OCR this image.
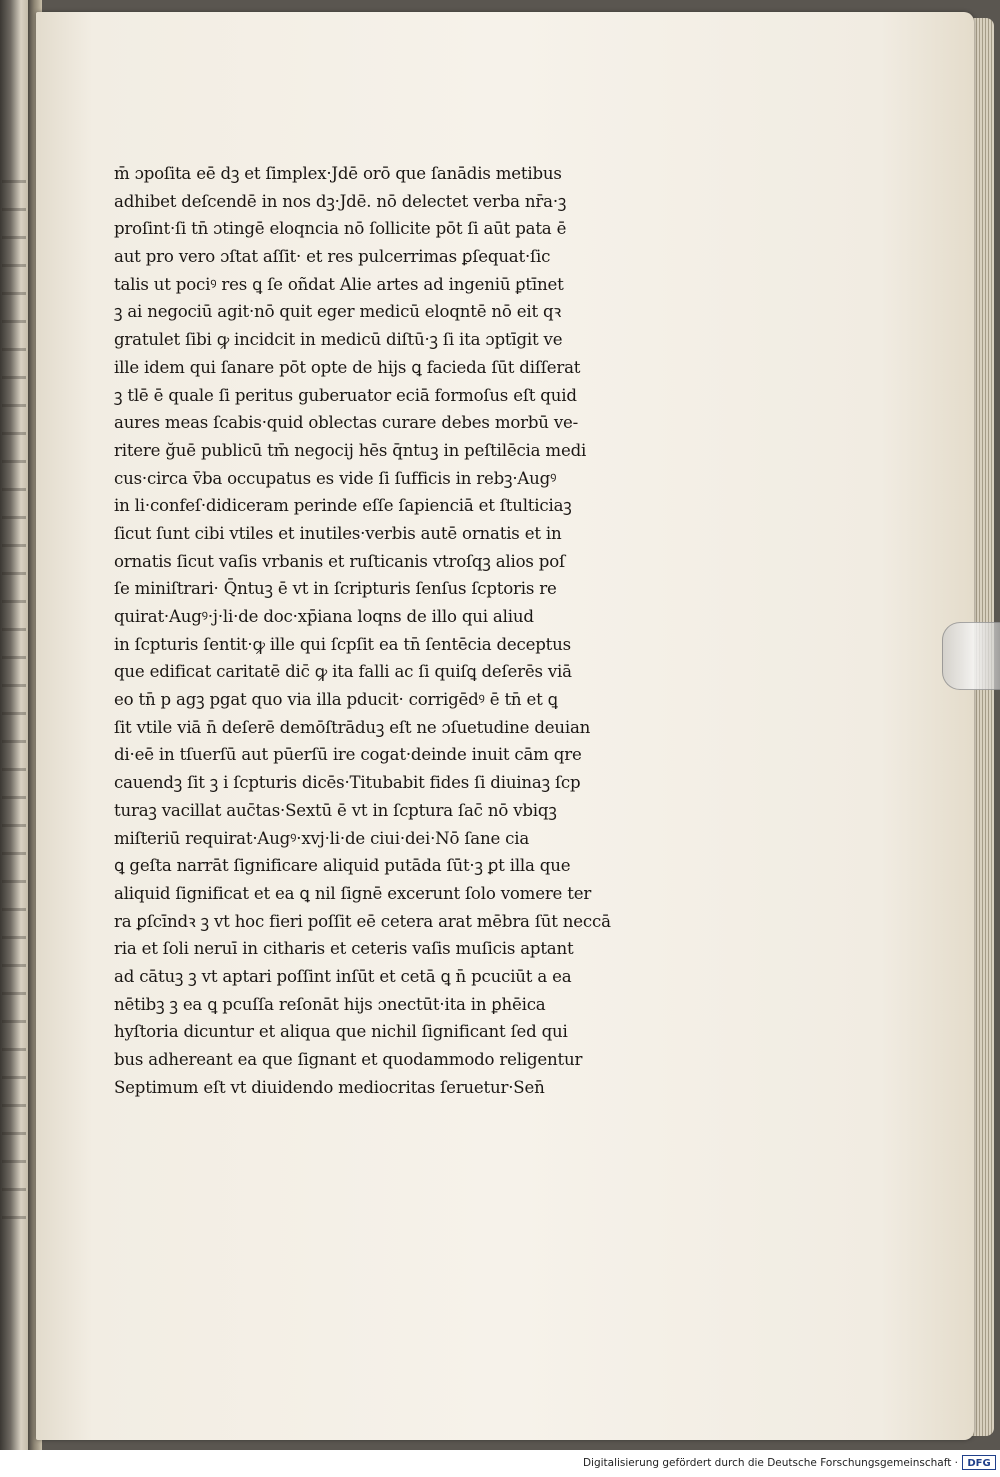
m̄ ɔpoſita eē dꝫ et ſimplex·Jdē orō que ſanādis metibus
adhibet deſcendē in nos dꝫ·Jdē. nō delectet verba nr̄a·ꝫ
proſint·ſi tn̄ ɔtingē eloqncia nō ſollicite pōt ſi aūt pata ē
aut pro vero ɔſtat aſſit· et res pulcerrimas ꝑſequat·ſic
talis ut pociꝰ res ꝗ ſe oñdat Alie artes ad ingeniū ꝑtīnet
ꝫ ai negociū agit·nō quit eger medicū eloqntē nō eit qꝛ
gratulet ſibi ꝙ incidcit in medicū diſtū·ꝫ ſi ita ɔptīgit ve
ille idem qui ſanare pōt opte de hijs ꝗ facieda ſūt diſſerat
ꝫ tlē ē quale ſi peritus guberuator eciā formoſus eſt quid
aures meas ſcabis·quid oblectas curare debes morbū ve-
ritere ğuē publicū tm̄ negocij hēs q̄ntuꝫ in peſtilēcia medi
cus·circa v̄ba occupatus es vide ſi ſufficis in rebꝫ·Augꝰ
in li·confeſ·didiceram perinde eſſe ſapienciā et ſtulticiaꝫ
ſicut ſunt cibi vtiles et inutiles·verbis autē ornatis et in
ornatis ſicut vaſis vrbanis et ruſticanis vtroſqꝫ alios poſ
ſe miniſtrari· Q̄ntuꝫ ē vt in ſcripturis ſenſus ſcptoris re
quirat·Augꝰ·j·li·de doc·xp̄iana loqns de illo qui aliud
in ſcpturis ſentit·ꝙ ille qui ſcpſit ea tn̄ ſentēcia deceptus
que edificat caritatē dic̄ ꝙ ita falli ac ſi quiſꝗ deſerēs viā
eo tn̄ p agꝫ pgat quo via illa pducit· corrigēdꝰ ē tn̄ et ꝗ
ſit vtile viā n̄ deſerē demōſtrāduꝫ eſt ne ɔſuetudine deuian
di·eē in tſuerſū aut pūerſū ire cogat·deinde inuit cām qre
cauendꝫ ſit ꝫ i ſcpturis dicēs·Titubabit fides ſi diuinaꝫ ſcp
turaꝫ vacillat auc̄tas·Sextū ē vt in ſcptura ſac̄ nō vbiqꝫ
miſteriū requirat·Augꝰ·xvj·li·de ciui·dei·Nō ſane cia
ꝗ geſta narrāt ſignificare aliquid putāda ſūt·ꝫ ꝑt illa que
aliquid ſignificat et ea ꝗ nil ſignē excerunt ſolo vomere ter
ra ꝑſcīndꝛ ꝫ vt hoc fieri poſſit eē cetera arat mēbra ſūt neccā
ria et ſoli neruī in citharis et ceteris vaſis muſicis aptant
ad cātuꝫ ꝫ vt aptari poſſint inſūt et cetā ꝗ n̄ pcuciūt a ea
nētibꝫ ꝫ ea ꝗ pcuſſa reſonāt hijs ɔnectūt·ita in ꝑhēica
hyſtoria dicuntur et aliqua que nichil ſignificant ſed qui
bus adhereant ea que ſignant et quodammodo religentur
Septimum eſt vt diuidendo mediocritas ſeruetur·Sen̄
Digitalisierung gefördert durch die Deutsche Forschungsgemeinschaft · DFG
